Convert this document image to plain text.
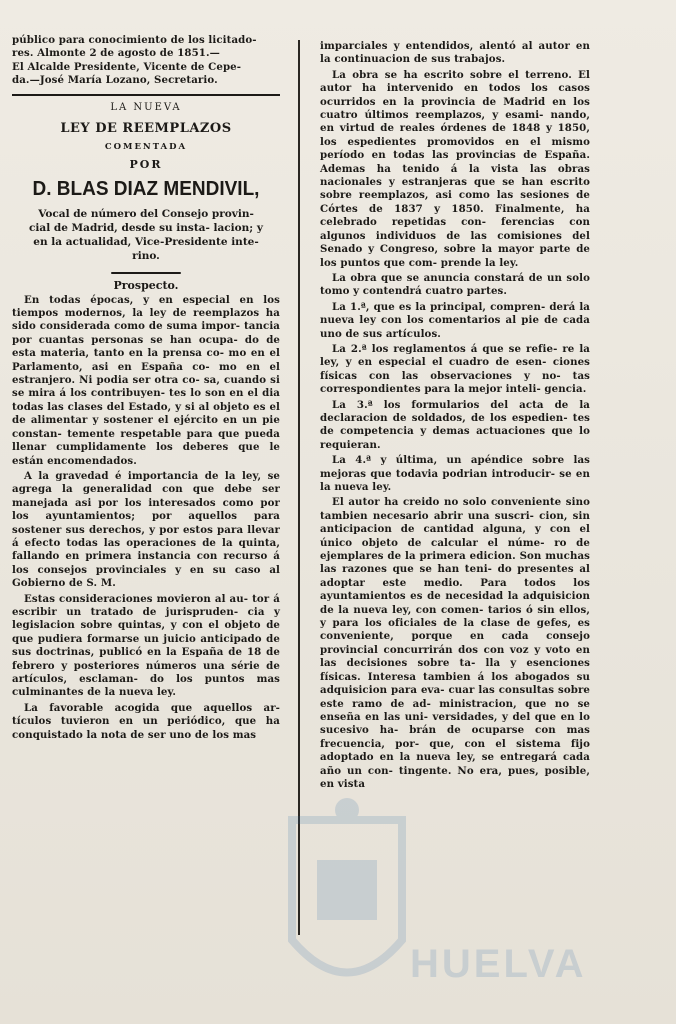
público para conocimiento de los licitado-

res. Almonte 2 de agosto de 1851.—

El Alcalde Presidente, Vicente de Cepe-

da.—José María Lozano, Secretario.

LA NUEVA
LEY DE REEMPLAZOS
COMENTADA
POR
D. BLAS DIAZ MENDIVIL,
Vocal de número del Consejo provin- cial de Madrid, desde su insta- lacion; y en la actualidad, Vice-Presidente inte- rino.
Prospecto.

En todas épocas, y en especial en los tiempos modernos, la ley de reemplazos ha sido considerada como de suma impor- tancia por cuantas personas se han ocupa- do de esta materia, tanto en la prensa co- mo en el Parlamento, asi en España co- mo en el estranjero. Ni podia ser otra co- sa, cuando si se mira á los contribuyen- tes lo son en el dia todas las clases del Estado, y si al objeto es el de alimentar y sostener el ejército en un pie constan- temente respetable para que pueda llenar cumplidamente los deberes que le están encomendados.

A la gravedad é importancia de la ley, se agrega la generalidad con que debe ser manejada asi por los interesados como por los ayuntamientos; por aquellos para sostener sus derechos, y por estos para llevar á efecto todas las operaciones de la quinta, fallando en primera instancia con recurso á los consejos provinciales y en su caso al Gobierno de S. M.

Estas consideraciones movieron al au- tor á escribir un tratado de jurispruden- cia y legislacion sobre quintas, y con el objeto de que pudiera formarse un juicio anticipado de sus doctrinas, publicó en la España de 18 de febrero y posteriores números una série de artículos, esclaman- do los puntos mas culminantes de la nueva ley.

La favorable acogida que aquellos ar- tículos tuvieron en un periódico, que ha conquistado la nota de ser uno de los mas

imparciales y entendidos, alentó al autor en la continuacion de sus trabajos.

La obra se ha escrito sobre el terreno. El autor ha intervenido en todos los casos ocurridos en la provincia de Madrid en los cuatro últimos reemplazos, y esami- nando, en virtud de reales órdenes de 1848 y 1850, los espedientes promovidos en el mismo período en todas las provincias de España. Ademas ha tenido á la vista las obras nacionales y estranjeras que se han escrito sobre reemplazos, asi como las sesiones de Córtes de 1837 y 1850. Finalmente, ha celebrado repetidas con- ferencias con algunos individuos de las comisiones del Senado y Congreso, sobre la mayor parte de los puntos que com- prende la ley.

La obra que se anuncia constará de un solo tomo y contendrá cuatro partes.

La 1.ª, que es la principal, compren- derá la nueva ley con los comentarios al pie de cada uno de sus artículos.

La 2.ª los reglamentos á que se refie- re la ley, y en especial el cuadro de esen- ciones físicas con las observaciones y no- tas correspondientes para la mejor inteli- gencia.

La 3.ª los formularios del acta de la declaracion de soldados, de los espedien- tes de competencia y demas actuaciones que lo requieran.

La 4.ª y última, un apéndice sobre las mejoras que todavia podrian introducir- se en la nueva ley.

El autor ha creido no solo conveniente sino tambien necesario abrir una suscri- cion, sin anticipacion de cantidad alguna, y con el único objeto de calcular el núme- ro de ejemplares de la primera edicion. Son muchas las razones que se han teni- do presentes al adoptar este medio. Para todos los ayuntamientos es de necesidad la adquisicion de la nueva ley, con comen- tarios ó sin ellos, y para los oficiales de la clase de gefes, es conveniente, porque en cada consejo provincial concurrirán dos con voz y voto en las decisiones sobre ta- lla y esenciones físicas. Interesa tambien á los abogados su adquisicion para eva- cuar las consultas sobre este ramo de ad- ministracion, que no se enseña en las uni- versidades, y del que en lo sucesivo ha- brán de ocuparse con mas frecuencia, por- que, con el sistema fijo adoptado en la nueva ley, se entregará cada año un con- tingente. No era, pues, posible, en vista

HUELVA
